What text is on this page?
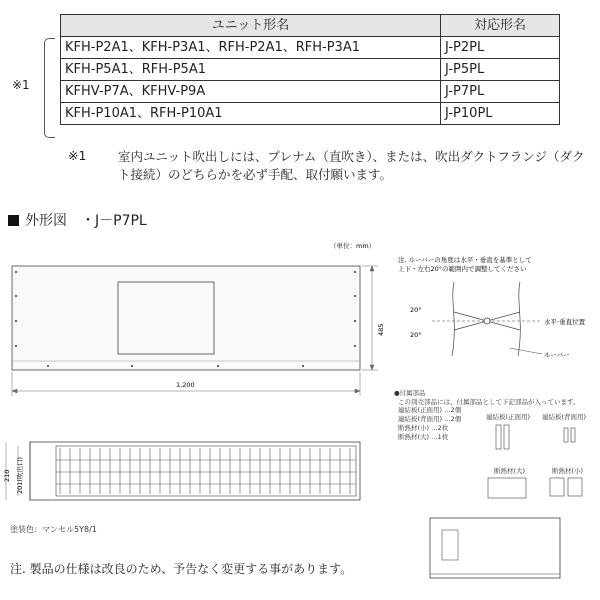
ユニット形名	対応形名
KFH-P2A1、KFH-P3A1、RFH-P2A1、RFH-P3A1	J-P2PL
KFH-P5A1、RFH-P5A1	J-P5PL
KFHV-P7A、KFHV-P9A	J-P7PL
KFH-P10A1、RFH-P10A1	J-P10PL
※1
※1	室内ユニット吹出しには、プレナム（直吹き）、または、吹出ダクトフランジ（ダクト接続）のどちらかを必ず手配、取付願います。
外形図　・J－P7PL
1,200
485
（単位：mm）
210 201(吹出口)
注. ルーバーの角度は水平・垂直を基準として
上下・左右20°の範囲内で調整してください
20°
20°
水平·垂直位置
ルーバー
●付属部品
この別売部品には、付属部品として下記部品が入っています。
連結板(正面用) …2個
連結板(背面用) …2個
断熱材(小) …2枚
断熱材(大) …1枚
連結板(正面用) 連結板(背面用)
断熱材(大)	断熱材(小)
塗装色：マンセル5Y8/1
注. 製品の仕様は改良のため、予告なく変更する事があります。
